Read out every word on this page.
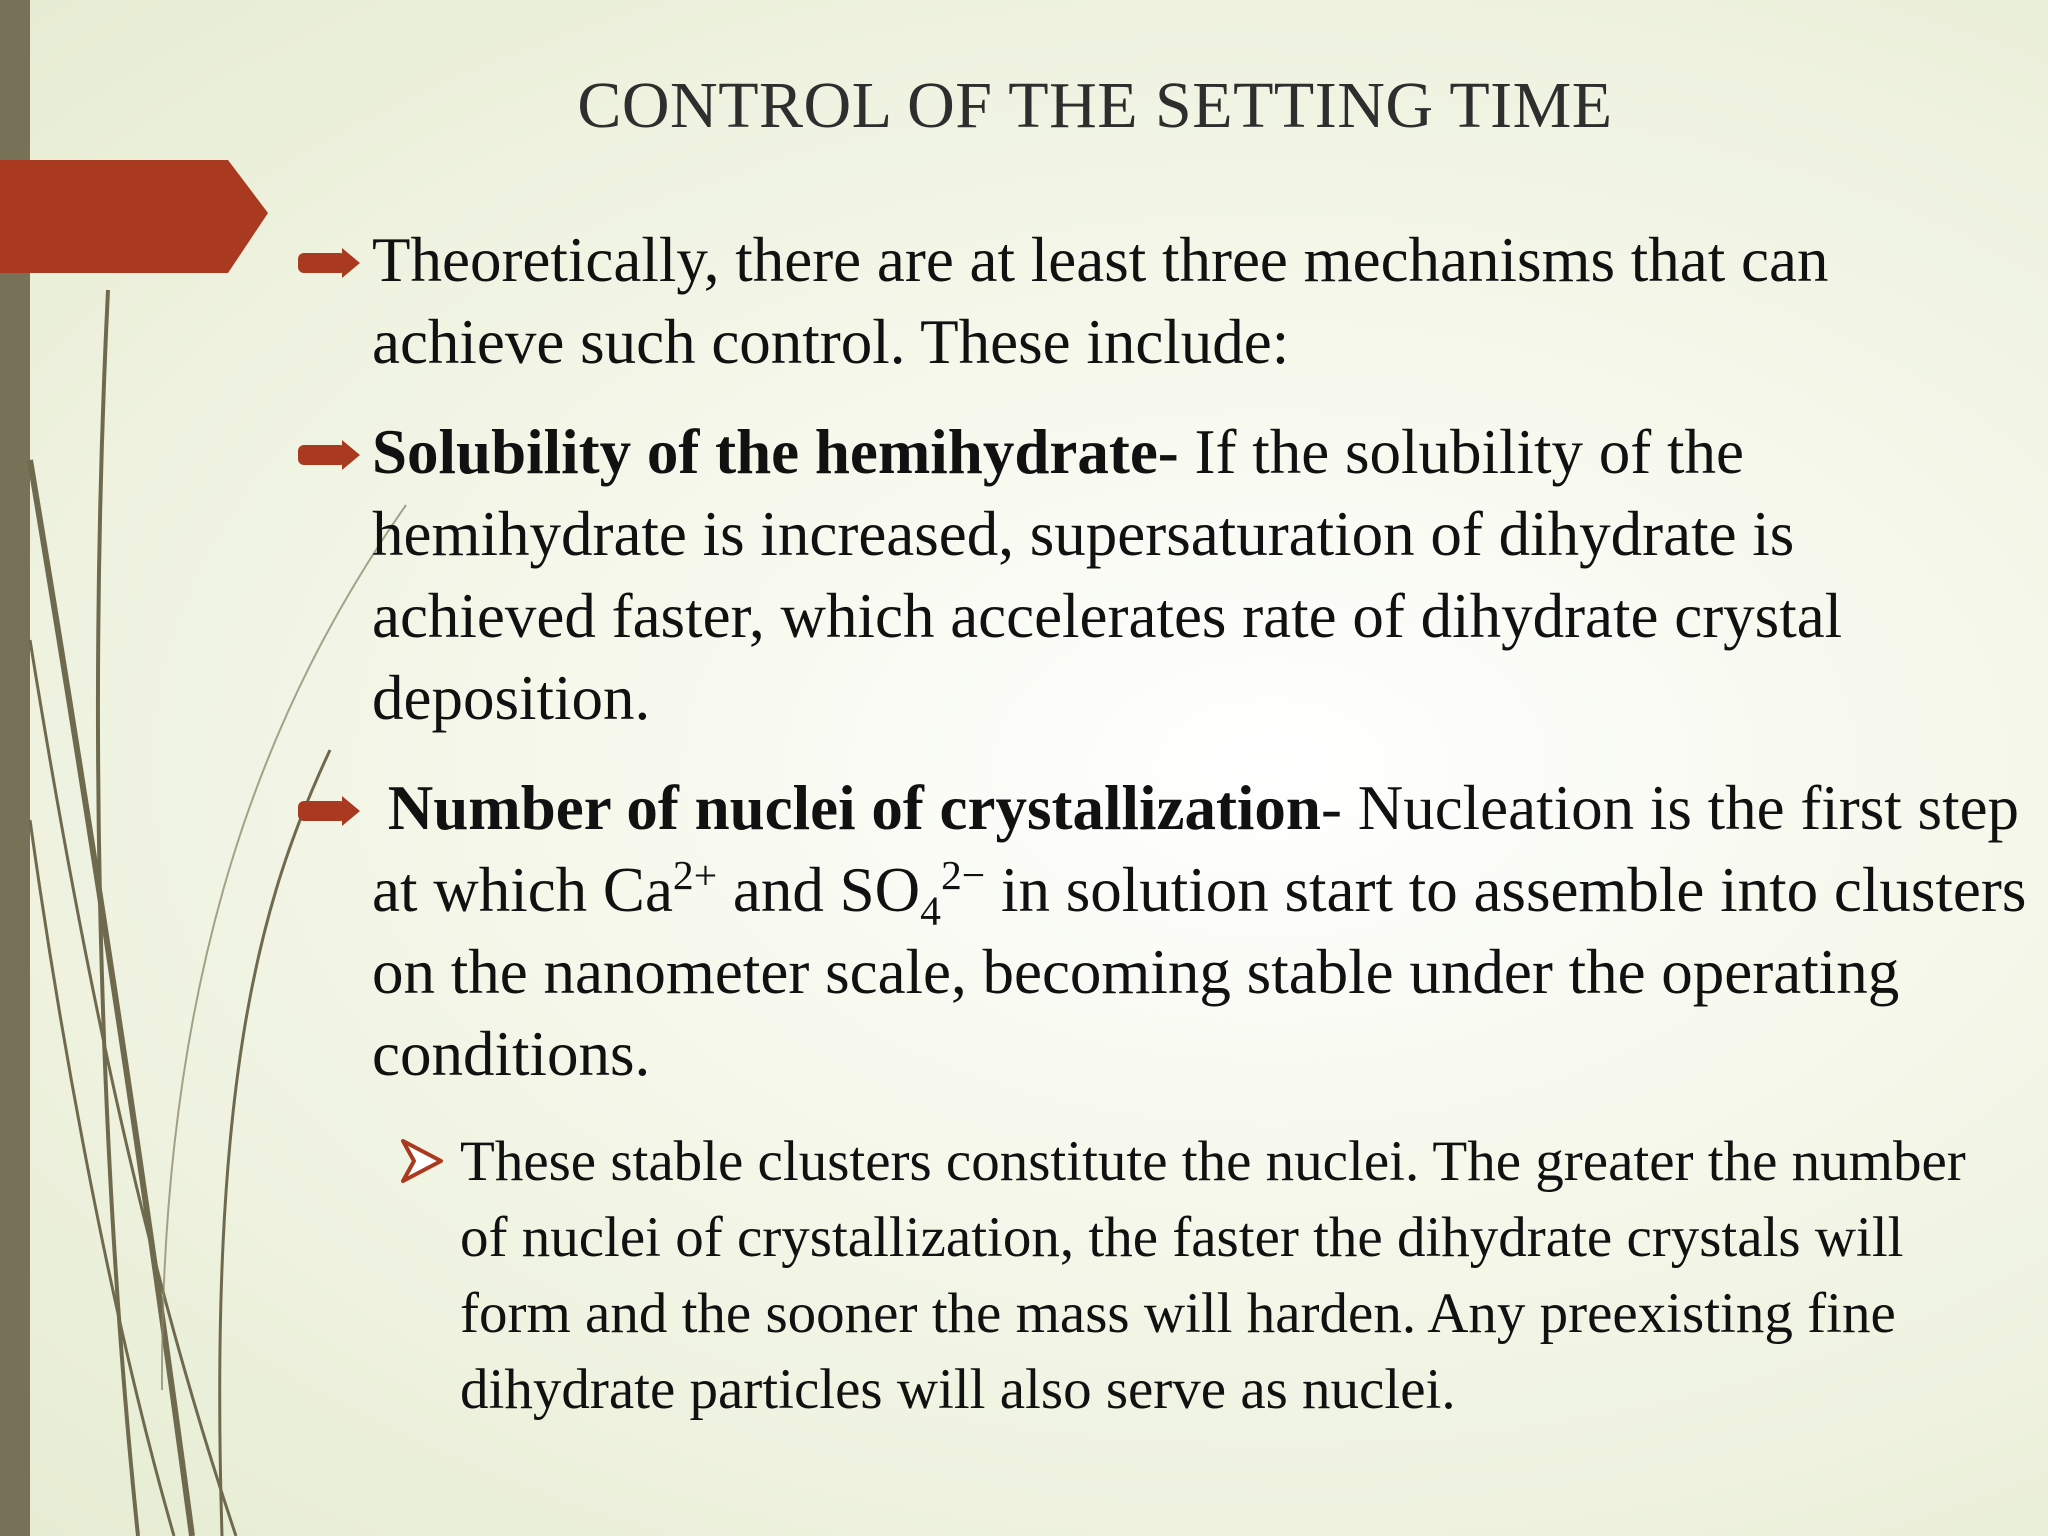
CONTROL OF THE SETTING TIME
Theoretically, there are at least three mechanisms that can achieve such control. These include:
Solubility of the hemihydrate- If the solubility of the hemihydrate is increased, supersaturation of dihydrate is achieved faster, which accelerates rate of dihydrate crystal deposition.
Number of nuclei of crystallization- Nucleation is the first step at which $Ca^{2+}$ and $SO_4^{2-}$ in solution start to assemble into clusters on the nanometer scale, becoming stable under the operating conditions.
These stable clusters constitute the nuclei. The greater the number of nuclei of crystallization, the faster the dihydrate crystals will form and the sooner the mass will harden. Any preexisting fine dihydrate particles will also serve as nuclei.
